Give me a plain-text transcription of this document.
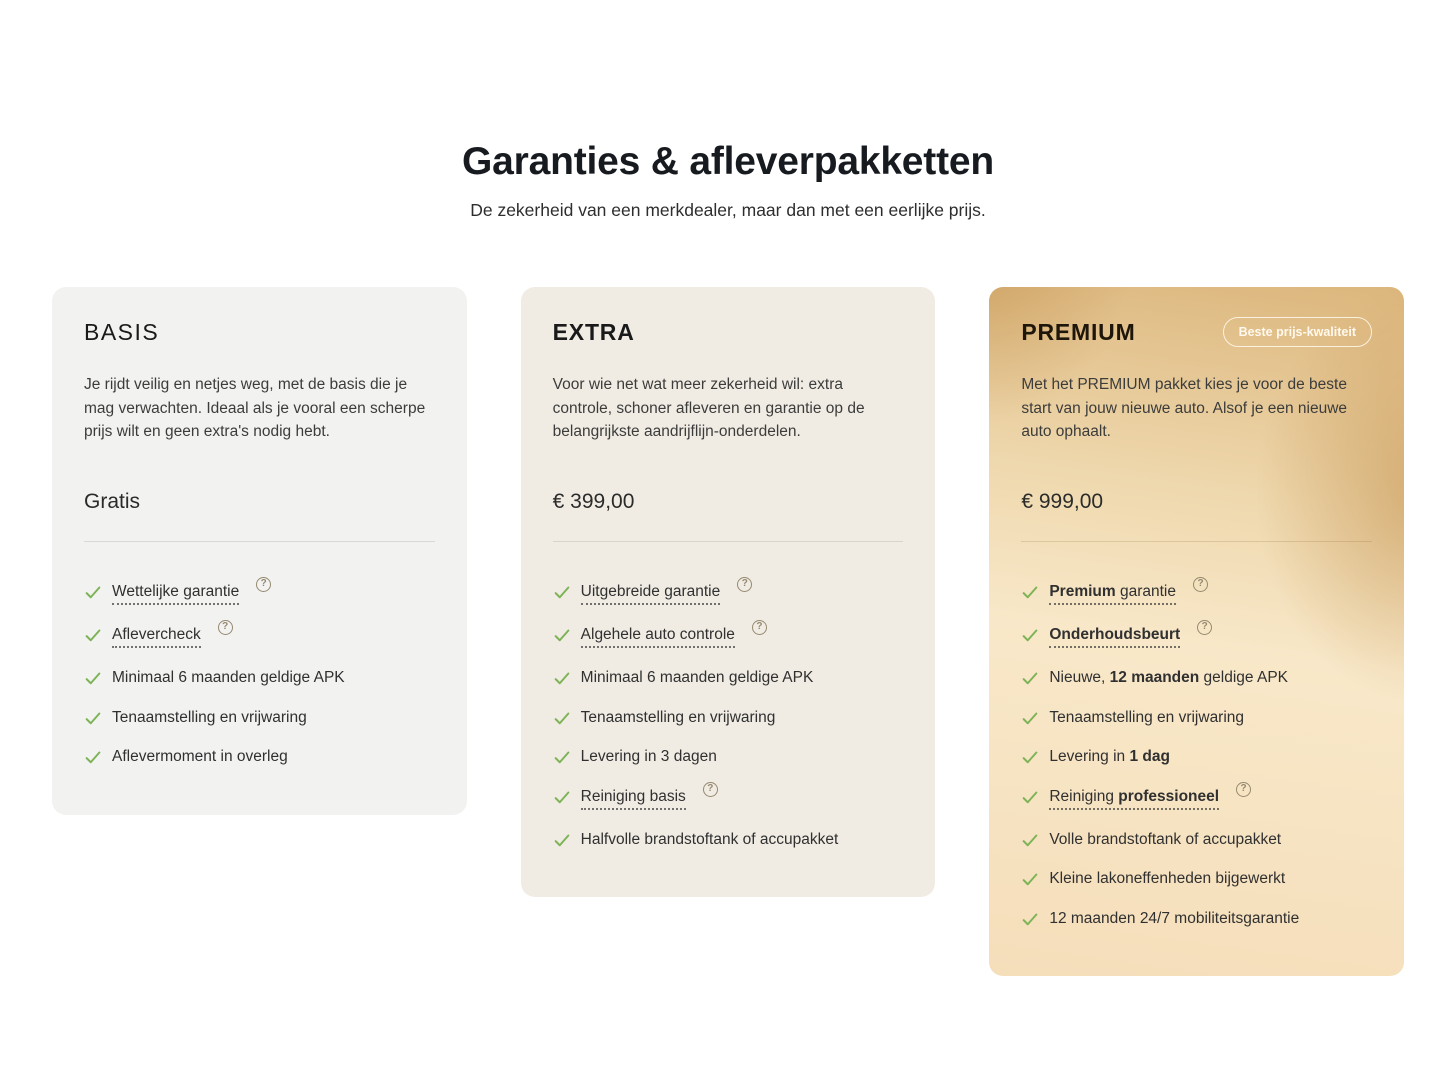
Garanties & afleverpakketten

De zekerheid van een merkdealer, maar dan met een eerlijke prijs.

BASIS

Je rijdt veilig en netjes weg, met de basis die je mag verwachten. Ideaal als je vooral een scherpe prijs wilt en geen extra's nodig hebt.

Gratis
Wettelijke garantie	?
Aflevercheck	?
Minimaal 6 maanden geldige APK
Tenaamstelling en vrijwaring
Aflevermoment in overleg
EXTRA

Voor wie net wat meer zekerheid wil: extra controle, schoner afleveren en garantie op de belangrijkste aandrijflijn-onderdelen.

€ 399,00
Uitgebreide garantie	?
Algehele auto controle	?
Minimaal 6 maanden geldige APK
Tenaamstelling en vrijwaring
Levering in 3 dagen
Reiniging basis	?
Halfvolle brandstoftank of accupakket
PREMIUM	Beste prijs-kwaliteit

Met het PREMIUM pakket kies je voor de beste start van jouw nieuwe auto. Alsof je een nieuwe auto ophaalt.

€ 999,00
Premium garantie	?
Onderhoudsbeurt	?
Nieuwe, 12 maanden geldige APK
Tenaamstelling en vrijwaring
Levering in 1 dag
Reiniging professioneel	?
Volle brandstoftank of accupakket
Kleine lakoneffenheden bijgewerkt
12 maanden 24/7 mobiliteitsgarantie
